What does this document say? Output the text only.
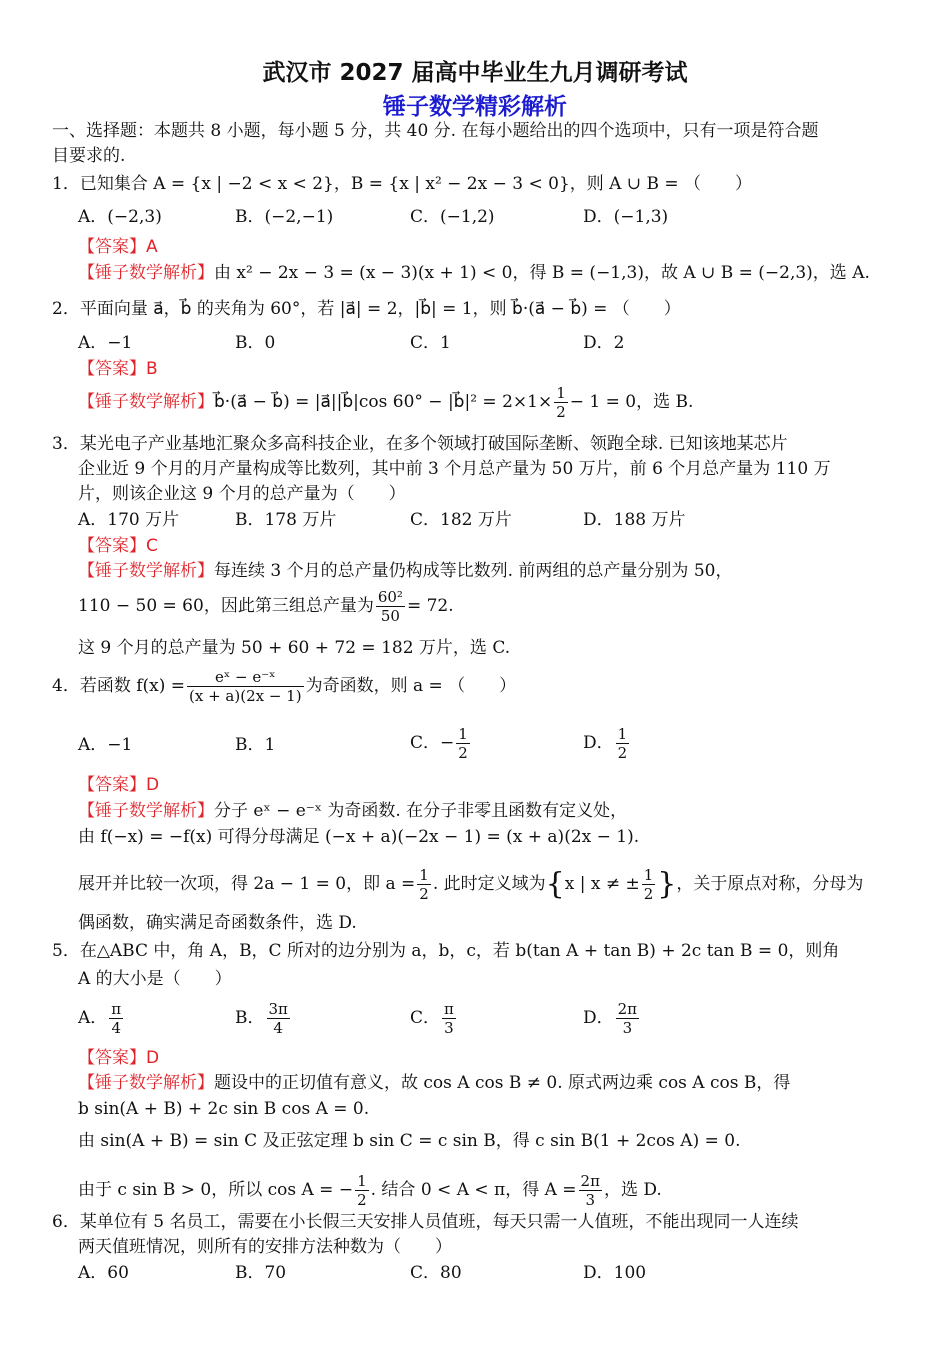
武汉市 2027 届高中毕业生九月调研考试
锤子数学精彩解析
一、选择题：本题共 8 小题，每小题 5 分，共 40 分. 在每小题给出的四个选项中，只有一项是符合题
目要求的.
1．已知集合 A = {x | −2 < x < 2}，B = {x | x² − 2x − 3 < 0}，则 A ∪ B = （　　）
A．(−2,3)	B．(−2,−1)	C．(−1,2)	D．(−1,3)
【答案】A
【锤子数学解析】由 x² − 2x − 3 = (x − 3)(x + 1) < 0，得 B = (−1,3)，故 A ∪ B = (−2,3)，选 A.
2．平面向量 a⃗，b⃗ 的夹角为 60°，若 |a⃗| = 2，|b⃗| = 1，则 b⃗·(a⃗ − b⃗) = （　　）
A．−1	B．0	C．1	D．2
【答案】B
【锤子数学解析】b⃗·(a⃗ − b⃗) = |a⃗||b⃗|cos 60° − |b⃗|² = $2\times 1\times \frac{1}{2} - 1 = 0$，选 B.
3．某光电子产业基地汇聚众多高科技企业，在多个领域打破国际垄断、领跑全球. 已知该地某芯片
企业近 9 个月的月产量构成等比数列，其中前 3 个月总产量为 50 万片，前 6 个月总产量为 110 万
片，则该企业这 9 个月的总产量为（　　）
A．170 万片	B．178 万片	C．182 万片	D．188 万片
【答案】C
【锤子数学解析】每连续 3 个月的总产量仍构成等比数列. 前两组的总产量分别为 50，
110 − 50 = 60，因此第三组总产量为 $\frac{\text{60²}}{50} = 72$.
这 9 个月的总产量为 50 + 60 + 72 = 182 万片，选 C.
4．若函数 $f(x) = \frac{\text{eˣ − e⁻ˣ}}{(x + a)(2x - 1)}$ 为奇函数，则 a = （　　）
A．−1	B．1	C．− $\frac{1}{2}$	D． $\frac{1}{2}$
【答案】D
【锤子数学解析】分子 eˣ − e⁻ˣ 为奇函数. 在分子非零且函数有定义处，
由 f(−x) = −f(x) 可得分母满足 (−x + a)(−2x − 1) = (x + a)(2x − 1).
展开并比较一次项，得 2a − 1 = 0，即 $a = \frac{1}{2}$ . 此时定义域为{x | x ≠ ± $\frac{1}{2}$ }，关于原点对称，分母为
偶函数，确实满足奇函数条件，选 D.
5．在△ABC 中，角 A，B，C 所对的边分别为 a，b，c，若 b(tan A + tan B) + 2c tan B = 0，则角
A 的大小是（　　）
A． $\frac{\pi}{4}$	B． $\frac{3\pi}{4}$	C． $\frac{\pi}{3}$	D． $\frac{2\pi}{3}$
【答案】D
【锤子数学解析】题设中的正切值有意义，故 cos A cos B ≠ 0. 原式两边乘 cos A cos B，得
b sin(A + B) + 2c sin B cos A = 0.
由 sin(A + B) = sin C 及正弦定理 b sin C = c sin B，得 c sin B(1 + 2cos A) = 0.
由于 c sin B > 0，所以 cos A = − $\frac{1}{2}$ . 结合 0 < A < π，得 $A = \frac{2\pi}{3}$ ，选 D.
6．某单位有 5 名员工，需要在小长假三天安排人员值班，每天只需一人值班，不能出现同一人连续
两天值班情况，则所有的安排方法种数为（　　）
A．60	B．70	C．80	D．100
